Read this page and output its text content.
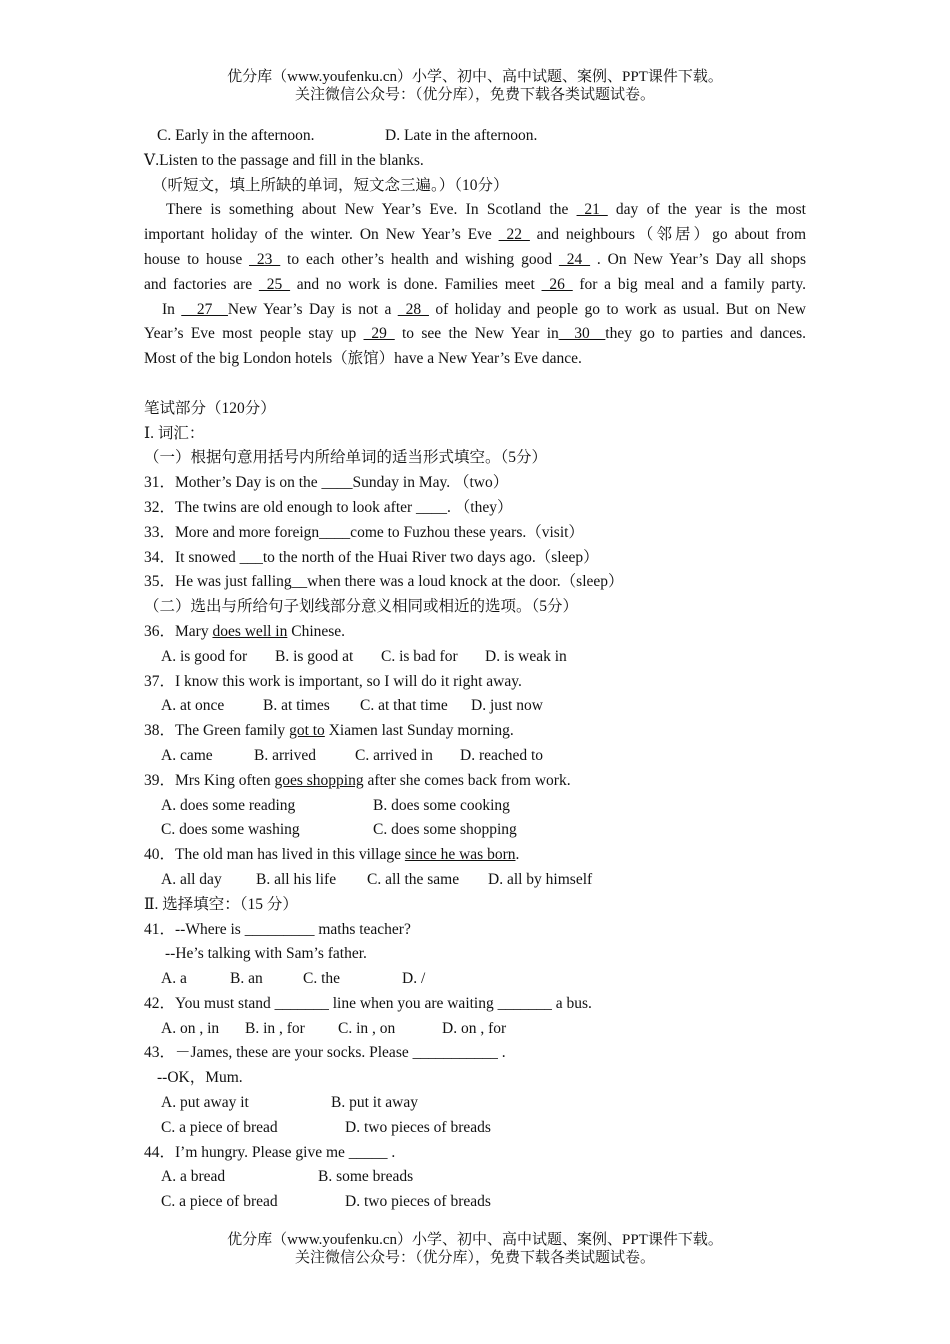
优分库（www.youfenku.cn）小学、初中、高中试题、案例、PPT课件下载。
关注微信公众号：（优分库），免费下载各类试题试卷。
C. Early in the afternoon.	D. Late in the afternoon.
Ⅴ.Listen to the passage and fill in the blanks.
（听短文，填上所缺的单词，短文念三遍。）（10分）
There is something about New Year’s Eve. In Scotland the _21_ day of the year is the most
important holiday of the winter. On New Year’s Eve _22_ and neighbours（邻居）go about from
house to house _23_ to each other’s health and wishing good _24_ . On New Year’s Day all shops
and factories are _25_ and no work is done. Families meet _26_ for a big meal and a family party.
In __27__New Year’s Day is not a _28_ of holiday and people go to work as usual. But on New
Year’s Eve most people stay up _29_ to see the New Year in__30__they go to parties and dances.
Most of the big London hotels（旅馆）have a New Year’s Eve dance.
笔试部分（120分）
Ⅰ. 词汇：
（一）根据句意用括号内所给单词的适当形式填空。（5分）
31．Mother’s Day is on the ____Sunday in May. （two）
32．The twins are old enough to look after ____. （they）
33．More and more foreign____come to Fuzhou these years.（visit）
34．It snowed ___to the north of the Huai River two days ago.（sleep）
35．He was just falling__when there was a loud knock at the door.（sleep）
（二）选出与所给句子划线部分意义相同或相近的选项。（5分）
36．Mary does well in Chinese.
A. is good for B. is good at C. is bad for D. is weak in
37．I know this work is important, so I will do it right away.
A. at once B. at times C. at that time D. just now
38．The Green family got to Xiamen last Sunday morning.
A. came	B. arrived	C. arrived in D. reached to
39．Mrs King often goes shopping after she comes back from work.
A. does some reading	B. does some cooking
C. does some washing	C. does some shopping
40．The old man has lived in this village since he was born.
A. all day B. all his life C. all the same D. all by himself
Ⅱ. 选择填空：（15 分）
41．--Where is _________ maths teacher?
--He’s talking with Sam’s father.
A. a	B. an	C. the	D. /
42．You must stand _______ line when you are waiting _______ a bus.
A. on , in B. in , for C. in , on	D. on , for
43．－James, these are your socks. Please ___________ .
--OK，Mum.
A. put away it	B. put it away
C. a piece of bread	D. two pieces of breads
44．I’m hungry. Please give me _____ .
A. a bread	B. some breads
C. a piece of bread	D. two pieces of breads
优分库（www.youfenku.cn）小学、初中、高中试题、案例、PPT课件下载。
关注微信公众号：（优分库），免费下载各类试题试卷。
